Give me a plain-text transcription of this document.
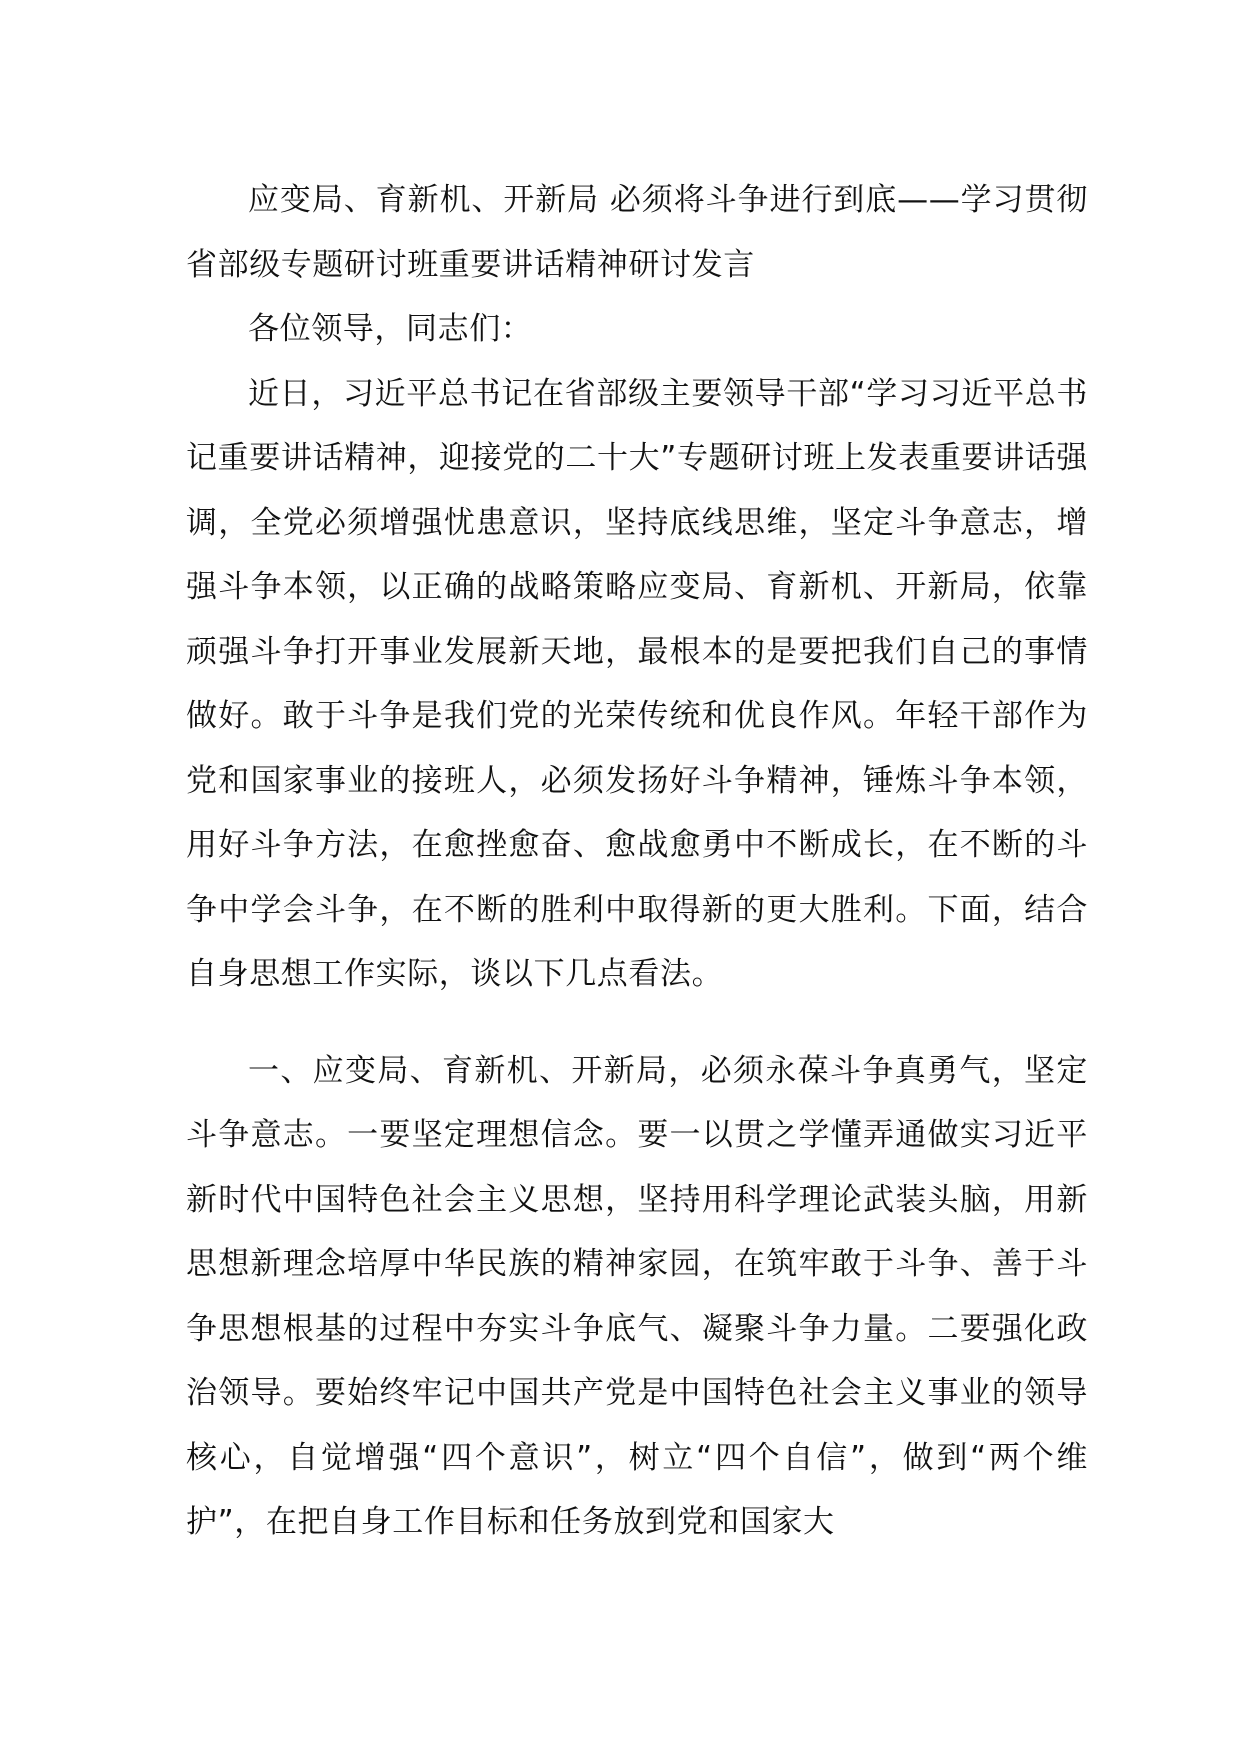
应变局、育新机、开新局 必须将斗争进行到底——学习贯彻省部级专题研讨班重要讲话精神研讨发言

各位领导，同志们：

近日，习近平总书记在省部级主要领导干部“学习习近平总书记重要讲话精神，迎接党的二十大”专题研讨班上发表重要讲话强调，全党必须增强忧患意识，坚持底线思维，坚定斗争意志，增强斗争本领，以正确的战略策略应变局、育新机、开新局，依靠顽强斗争打开事业发展新天地，最根本的是要把我们自己的事情做好。敢于斗争是我们党的光荣传统和优良作风。年轻干部作为党和国家事业的接班人，必须发扬好斗争精神，锤炼斗争本领，用好斗争方法，在愈挫愈奋、愈战愈勇中不断成长，在不断的斗争中学会斗争，在不断的胜利中取得新的更大胜利。下面，结合自身思想工作实际，谈以下几点看法。

一、应变局、育新机、开新局，必须永葆斗争真勇气，坚定斗争意志。一要坚定理想信念。要一以贯之学懂弄通做实习近平新时代中国特色社会主义思想，坚持用科学理论武装头脑，用新思想新理念培厚中华民族的精神家园，在筑牢敢于斗争、善于斗争思想根基的过程中夯实斗争底气、凝聚斗争力量。二要强化政治领导。要始终牢记中国共产党是中国特色社会主义事业的领导核心，自觉增强“四个意识”，树立“四个自信”，做到“两个维护”，在把自身工作目标和任务放到党和国家大
